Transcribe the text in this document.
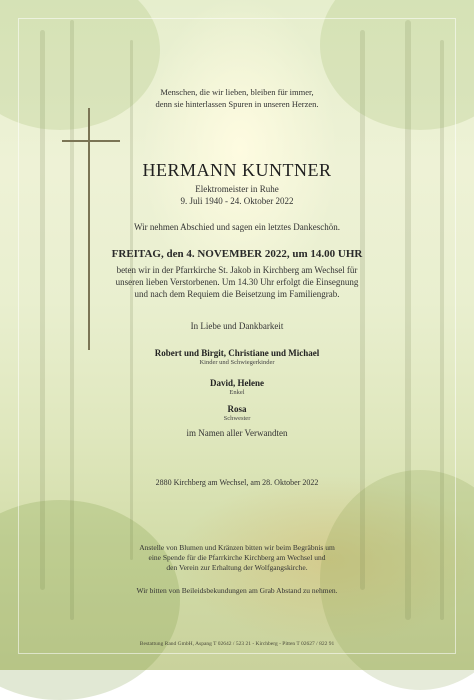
Menschen, die wir lieben, bleiben für immer,
denn sie hinterlassen Spuren in unseren Herzen.
HERMANN KUNTNER
Elektromeister in Ruhe
9. Juli 1940 - 24. Oktober 2022
Wir nehmen Abschied und sagen ein letztes Dankeschön.
FREITAG, den 4. NOVEMBER 2022, um 14.00 UHR
beten wir in der Pfarrkirche St. Jakob in Kirchberg am Wechsel für
unseren lieben Verstorbenen. Um 14.30 Uhr erfolgt die Einsegnung
und nach dem Requiem die Beisetzung im Familiengrab.
In Liebe und Dankbarkeit
Robert und Birgit, Christiane und Michael
Kinder und Schwiegerkinder
David, Helene
Enkel
Rosa
Schwester
im Namen aller Verwandten
2880 Kirchberg am Wechsel, am 28. Oktober 2022
Anstelle von Blumen und Kränzen bitten wir beim Begräbnis um
eine Spende für die Pfarrkirche Kirchberg am Wechsel und
den Verein zur Erhaltung der Wolfgangskirche.
Wir bitten von Beileidsbekundungen am Grab Abstand zu nehmen.
Bestattung Rand GmbH, Aspang T 02642 / 523 21 - Kirchberg - Pitten T 02627 / 822 91
